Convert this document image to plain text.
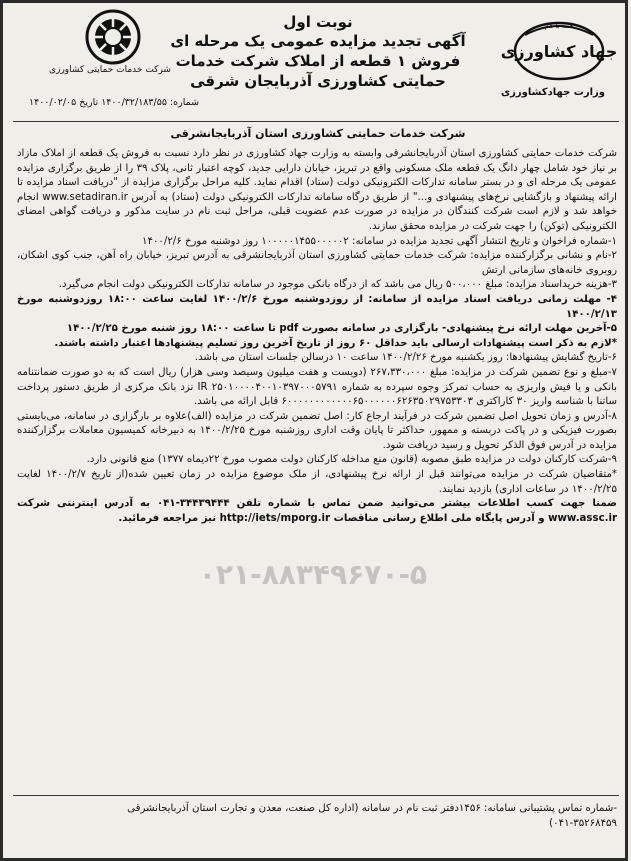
شرکت خدمات حمایتی کشاورزی
نوبت اول
آگهی تجدید مزایده عمومی یک مرحله ای
فروش ۱ قطعه از املاک شرکت خدمات
حمایتی کشاورزی آذربایجان شرقی
همه با هم
جهاد کشاورزی
وزارت جهادکشاورزی
شماره: ۱۴۰۰/۳۲/۱۸۳/۵۵ تاریخ ۱۴۰۰/۰۲/۰۵
شرکت خدمات حمایتی کشاورزی استان آذربایجانشرقی

شرکت خدمات حمایتی کشاورزی استان آذربایجانشرقی وابسته به وزارت جهاد کشاورزی در نظر دارد نسبت به فروش یک قطعه از املاک مازاد بر نیاز خود شامل چهار دانگ یک قطعه ملک مسکونی واقع در تبریز، خیابان دارایی جدید، کوچه اعتبار ثانی، پلاک ۳۹ را از طریق برگزاری مزایده عمومی یک مرحله ای و در بستر سامانه تدارکات الکترونیکی دولت (ستاد) اقدام نماید. کلیه مراحل برگزاری مزایده از "دریافت اسناد مزایده تا ارائه پیشنهاد و بازگشایی نرخ‌های پیشنهادی و..." از طریق درگاه سامانه تدارکات الکترونیکی دولت (ستاد) به آدرس www.setadiran.ir انجام خواهد شد و لازم است شرکت کنندگان در مزایده در صورت عدم عضویت قبلی، مراحل ثبت نام در سایت مذکور و دریافت گواهی امضای الکترونیکی (توکن) را جهت شرکت در مزایده محقق سازند.

۱-شماره فراخوان و تاریخ انتشار آگهی تجدید مزایده در سامانه: ۱۰۰۰۰۰۱۴۵۵۰۰۰۰۰۲ روز دوشنبه مورخ ۱۴۰۰/۲/۶

۲-نام و نشانی برگزارکننده مزایده: شرکت خدمات حمایتی کشاورزی استان آذربایجانشرقی به آدرس تبریز، خیابان راه آهن، جنب کوی اشکان، روبروی خانه‌های سازمانی ارتش

۳-هزینه خریداسناد مزایده: مبلغ ۵۰۰،۰۰۰ ریال می باشد که از درگاه بانکی موجود در سامانه تدارکات الکترونیکی دولت انجام می‌گیرد.

۴- مهلت زمانی دریافت اسناد مزایده از سامانه: از روزدوشنبه مورخ ۱۴۰۰/۲/۶ لغایت ساعت ۱۸:۰۰ روزدوشنبه مورخ ۱۴۰۰/۲/۱۳

۵-آخرین مهلت ارائه نرخ پیشنهادی- بارگزاری در سامانه بصورت pdf تا ساعت ۱۸:۰۰ روز شنبه مورخ ۱۴۰۰/۲/۲۵

*لازم به ذکر است پیشنهادات ارسالی باید حداقل ۶۰ روز از تاریخ آخرین روز تسلیم پیشنهادها اعتبار داشته باشند.

۶-تاریخ گشایش پیشنهادها: روز یکشنبه مورخ ۱۴۰۰/۲/۲۶ ساعت ۱۰ درسالن جلسات استان می باشد.

۷-مبلغ و نوع تضمین شرکت در مزایده: مبلغ ۲۶۷،۳۳۰،۰۰۰ (دویست و هفت میلیون وسیصد وسی هزار) ریال است که به دو صورت ضمانتنامه بانکی و یا فیش واریزی به حساب تمرکز وجوه سپرده به شماره IR ۲۵۰۱۰۰۰۰۴۰۰۱۰۳۹۷۰۰۰۵۷۹۱ نزد بانک مرکزی از طریق دستور پرداخت ساتنا با شناسه واریز ۳۰ کاراکتری ۶۰۰۰۰۰۰۰۰۰۰۰۰۶۵۰۰۰۰۰۰۶۲۶۳۵۰۲۹۷۵۳۳۰۳ قابل ارائه می باشد.

۸-آدرس و زمان تحویل اصل تضمین شرکت در فرآیند ارجاع کار: اصل تضمین شرکت در مزایده (الف)علاوه بر بارگزاری در سامانه، می‌بایستی بصورت فیزیکی و در پاکت دربسته و ممهور، حداکثر تا پایان وقت اداری روزشنبه مورخ ۱۴۰۰/۲/۲۵ به دبیرخانه کمیسیون معاملات برگزارکننده مزایده در آدرس فوق الذکر تحویل و رسید دریافت شود.

۹-شرکت کارکنان دولت در مزایده طبق مصوبه (قانون منع مداخله کارکنان دولت مصوب مورخ ۲۲دیماه ۱۳۷۷) منع قانونی دارد.

*متقاضیان شرکت در مزایده می‌توانند قبل از ارائه نرخ پیشنهادی، از ملک موضوع مزایده در زمان تعیین شده(از تاریخ ۱۴۰۰/۲/۷ لغایت ۱۴۰۰/۲/۲۵ در ساعات اداری) بازدید نمایند.

ضمنا جهت کسب اطلاعات بیشتر می‌توانید ضمن تماس با شماره تلفن ۳۴۴۳۹۴۴۴-۰۴۱ به آدرس اینترنتی شرکت www.assc.ir و آدرس پایگاه ملی اطلاع رسانی مناقصات http://iets/mporg.ir نیز مراجعه فرمائید.

۰۲۱-۸۸۳۴۹۶۷۰-۵
-شماره تماس پشتیبانی سامانه: ۱۴۵۶دفتر ثبت نام در سامانه (اداره کل صنعت، معدن و تجارت استان آذربایجانشرقی
۰۴۱-۳۵۲۶۸۴۵۹)
